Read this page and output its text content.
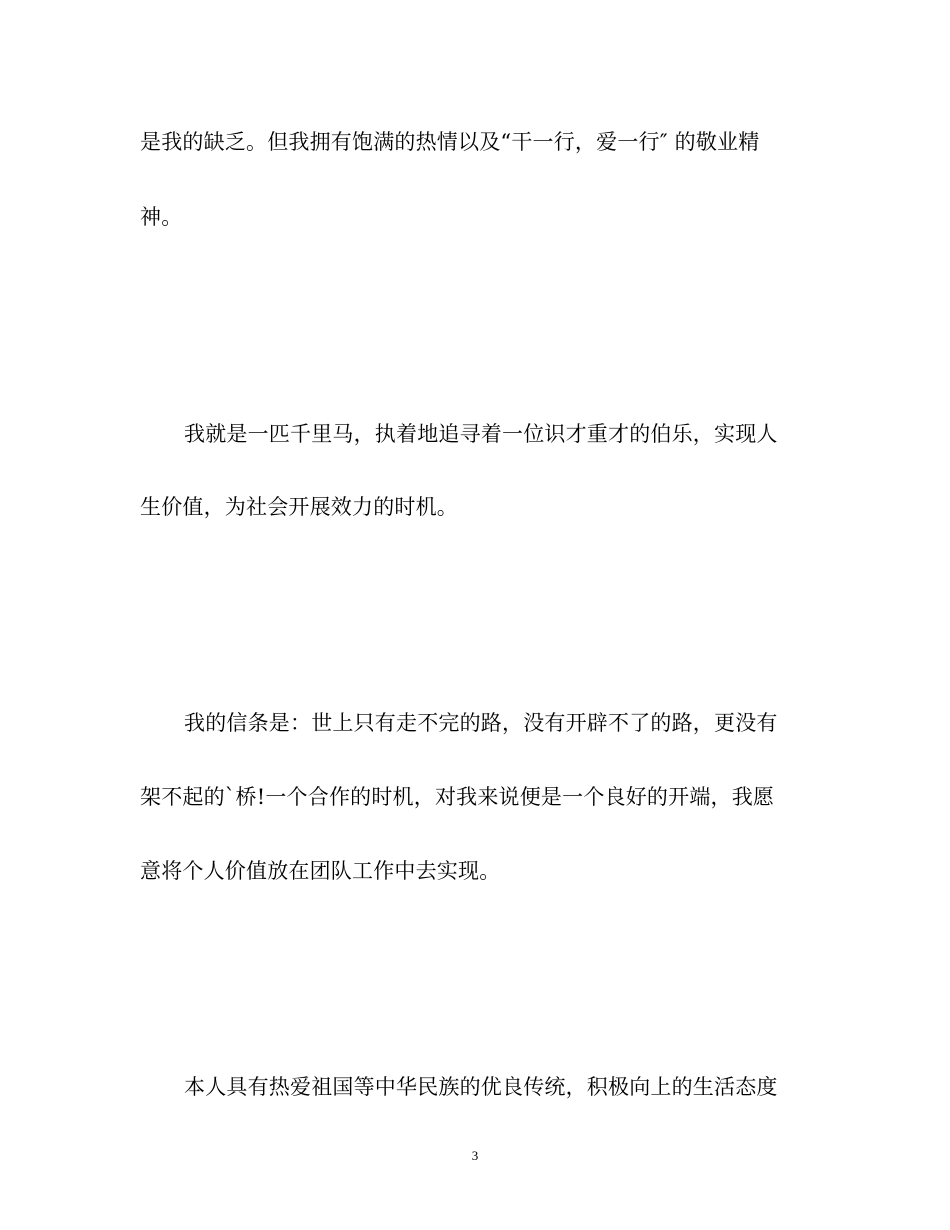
是我的缺乏。但我拥有饱满的热情以及“干一行，爱一行″ 的敬业精
神。
我就是一匹千里马，执着地追寻着一位识才重才的伯乐，实现人
生价值，为社会开展效力的时机。
我的信条是：世上只有走不完的路，没有开辟不了的路，更没有
架不起的`桥!一个合作的时机，对我来说便是一个良好的开端，我愿
意将个人价值放在团队工作中去实现。
本人具有热爱祖国等中华民族的优良传统，积极向上的生活态度
3
